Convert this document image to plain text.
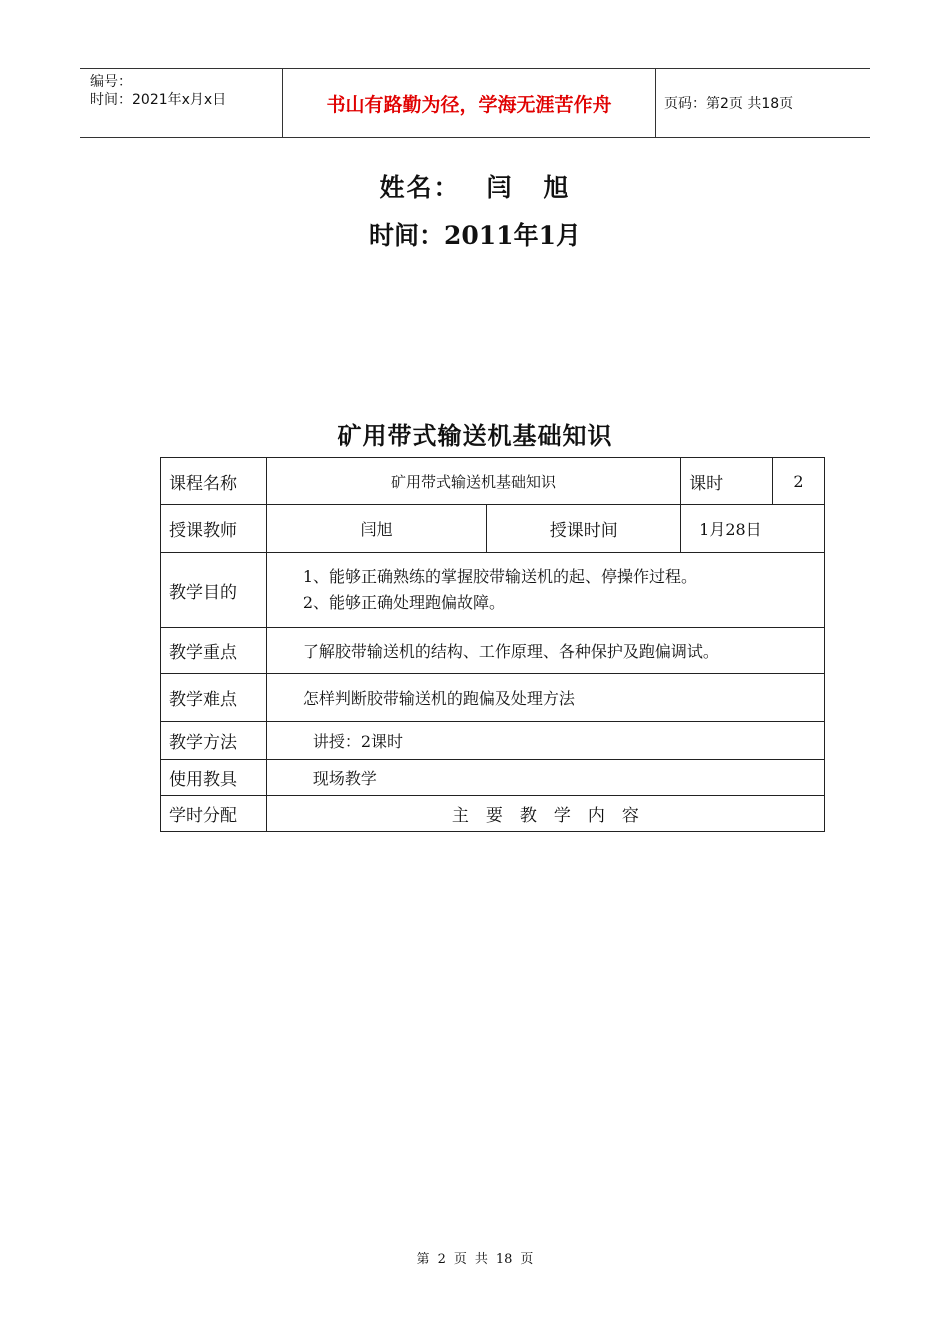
编号：
时间：2021年x月x日	书山有路勤为径，学海无涯苦作舟	页码：第2页 共18页
姓名： 闫 旭
时间：2011年1月
矿用带式输送机基础知识
课程名称	矿用带式输送机基础知识		课时	2
授课教师	闫旭	授课时间	1月28日	
教学目的	1、能够正确熟练的掌握胶带输送机的起、停操作过程。
2、能够正确处理跑偏故障。			

教学重点	了解胶带输送机的结构、工作原理、各种保护及跑偏调试。			
教学难点	怎样判断胶带输送机的跑偏及处理方法			
教学方法	讲授：2课时			
使用教具	现场教学			
学时分配	主　要　教　学　内　容			
第 2 页 共 18 页
